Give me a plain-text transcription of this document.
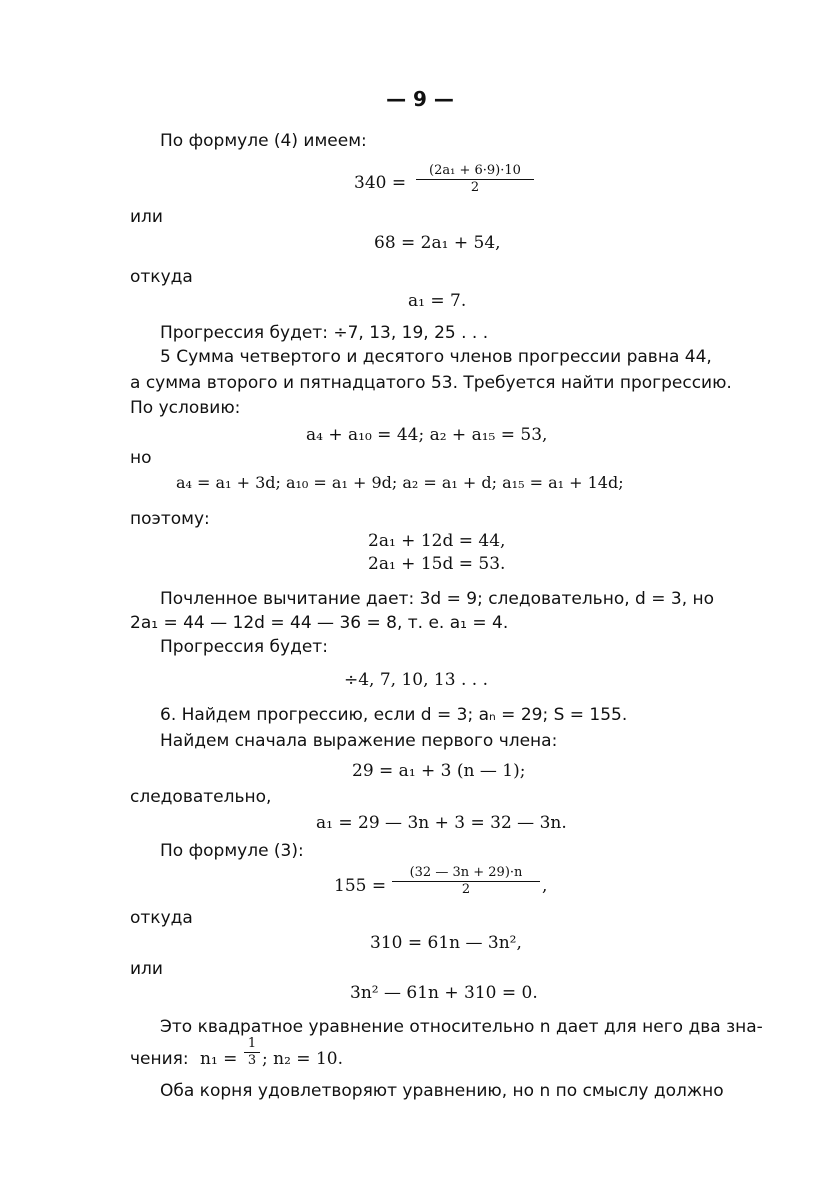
— 9 —
По формуле (4) имеем:
$340 = \frac{\text{(2a₁ + 6·9)·10}}{2}$
или
68 = 2a₁ + 54,
откуда
a₁ = 7.
Прогрессия будет: ÷7, 13, 19, 25 . . .
5 Сумма четвертого и десятого членов прогрессии равна 44,
а сумма второго и пятнадцатого 53. Требуется найти прогрессию.
По условию:
a₄ + a₁₀ = 44; a₂ + a₁₅ = 53,
но
a₄ = a₁ + 3d; a₁₀ = a₁ + 9d; a₂ = a₁ + d; a₁₅ = a₁ + 14d;
поэтому:
2a₁ + 12d = 44,
2a₁ + 15d = 53.
Почленное вычитание дает: 3d = 9; следовательно, d = 3, но
2a₁ = 44 — 12d = 44 — 36 = 8, т. е. a₁ = 4.
Прогрессия будет:
÷4, 7, 10, 13 . . .
6. Найдем прогрессию, если d = 3; aₙ = 29; S = 155.
Найдем сначала выражение первого члена:
29 = a₁ + 3 (n — 1);
следовательно,
a₁ = 29 — 3n + 3 = 32 — 3n.
По формуле (3):
$155 = \frac{(32 — 3n + 29)\cdot n}{2}$ ,
откуда
310 = 61n — 3n²,
или
3n² — 61n + 310 = 0.
Это квадратное уравнение относительно n дает для него два зна-
чения: $n_1 = \frac{1}{3}$ ; n₂ = 10.
Оба корня удовлетворяют уравнению, но n по смыслу должно
